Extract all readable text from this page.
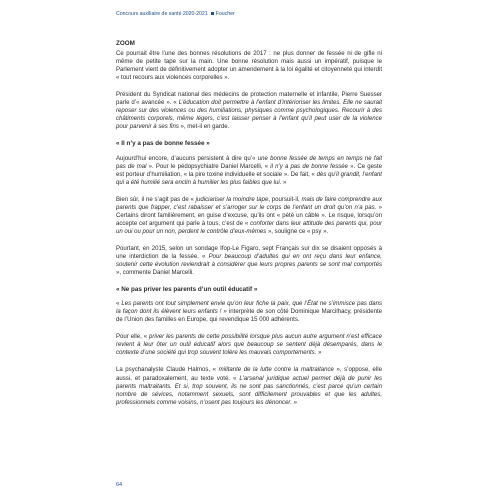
Concours auxiliaire de santé 2020-2021 Foucher
ZOOM

Ce pourrait être l’une des bonnes résolutions de 2017 : ne plus donner de fessée ni de gifle ni même de petite tape sur la main. Une bonne résolution mais aussi un impératif, puisque le Parlement vient de définitivement adopter un amendement à la loi égalité et citoyenneté qui interdit « tout recours aux violences corporelles ».

Président du Syndicat national des médecins de protection maternelle et infantile, Pierre Suesser parle d’« avancée ». « L’éducation doit permettre à l’enfant d’intérioriser les limites. Elle ne saurait reposer sur des violences ou des humiliations, physiques comme psychologiques. Recourir à des châtiments corporels, même légers, c’est laisser penser à l’enfant qu’il peut user de la violence pour parvenir à ses fins », met-il en garde.

« Il n’y a pas de bonne fessée »

Aujourd’hui encore, d’aucuns persistent à dire qu’« une bonne fessée de temps en temps ne fait pas de mal ». Pour le pédopsychiatre Daniel Marcelli, « il n’y a pas de bonne fessée ». Ce geste est porteur d’humiliation, « la pire toxine individuelle et sociale ». De fait, « dès qu’il grandit, l’enfant qui a été humilié sera enclin à humilier les plus faibles que lui. »

Bien sûr, il ne s’agit pas de « judiciariser la moindre tape, poursuit-il, mais de faire comprendre aux parents que frapper, c’est rabaisser et s’arroger sur le corps de l’enfant un droit qu’on n’a pas. » Certains diront familièrement, en guise d’excuse, qu’ils ont « pété un câble ». Le risque, lorsqu’on accepte cet argument qui parle à tous, c’est de « conforter dans leur attitude des parents qui, pour un oui ou pour un non, perdent le contrôle d’eux-mêmes », souligne ce « psy ».

Pourtant, en 2015, selon un sondage Ifop-Le Figaro, sept Français sur dix se disaient opposés à une interdiction de la fessée. « Pour beaucoup d’adultes qui en ont reçu dans leur enfance, soutenir cette évolution reviendrait à considérer que leurs propres parents se sont mal comportés », commente Daniel Marcelli.

« Ne pas priver les parents d’un outil éducatif »

« Les parents ont tout simplement envie qu’on leur fiche la paix, que l’État ne s’immisce pas dans la façon dont ils élèvent leurs enfants ! » interprète de son côté Dominique Marcilhacy, présidente de l’Union des familles en Europe, qui revendique 15 000 adhérents.

Pour elle, « priver les parents de cette possibilité lorsque plus aucun autre argument n’est efficace revient à leur ôter un outil éducatif alors que beaucoup se sentent déjà désemparés, dans le contexte d’une société qui trop souvent tolère les mauvais comportements. »

La psychanalyste Claude Halmos, « militante de la lutte contre la maltraitance », s’oppose, elle aussi, et paradoxalement, au texte voté. « L’arsenal juridique actuel permet déjà de punir les parents maltraitants. Et si, trop souvent, ils ne sont pas sanctionnés, c’est parce qu’un certain nombre de sévices, notamment sexuels, sont difficilement prouvables et que les adultes, professionnels comme voisins, n’osent pas toujours les dénoncer. »

64
